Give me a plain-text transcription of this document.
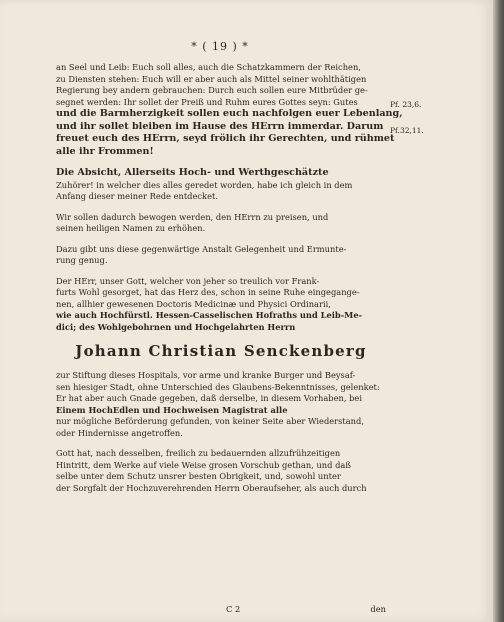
* ( 19 ) *
Pf. 23,6.
Pf.32,11.
an Seel und Leib: Euch soll alles, auch die Schatzkammern der Reichen,
zu Diensten stehen: Euch will er aber auch als Mittel seiner wohlthätigen
Regierung bey andern gebrauchen: Durch euch sollen eure Mitbrüder ge-
segnet werden: Ihr sollet der Preiß und Ruhm eures Gottes seyn: Gutes
und die Barmherzigkeit sollen euch nachfolgen euer Lebenlang,
und ihr sollet bleiben im Hause des HErrn immerdar. Darum
freuet euch des HErrn, seyd frölich ihr Gerechten, und rühmet
alle ihr Frommen!
Die Absicht, Allerseits Hoch- und Werthgeschätzte
Zuhörer! in welcher dies alles geredet worden, habe ich gleich in dem
Anfang dieser meiner Rede entdecket.
Wir sollen dadurch bewogen werden, den HErrn zu preisen, und
seinen heiligen Namen zu erhöhen.
Dazu gibt uns diese gegenwärtige Anstalt Gelegenheit und Ermunte-
rung genug.
Der HErr, unser Gott, welcher von jeher so treulich vor Frank-
furts Wohl gesorget, hat das Herz des, schon in seine Ruhe eingegange-
nen, allhier gewesenen Doctoris Medicinæ und Physici Ordinarii,
wie auch Hochfürstl. Hessen-Casselischen Hofraths und Leib-Me-
dici; des Wohlgebohrnen und Hochgelahrten Herrn
Johann Christian Senckenberg
zur Stiftung dieses Hospitals, vor arme und kranke Burger und Beysaf-
sen hiesiger Stadt, ohne Unterschied des Glaubens-Bekenntnisses, gelenket:
Er hat aber auch Gnade gegeben, daß derselbe, in diesem Vorhaben, bei
Einem HochEdlen und Hochweisen Magistrat alle
nur mögliche Beförderung gefunden, von keiner Seite aber Wiederstand,
oder Hindernisse angetroffen.
Gott hat, nach desselben, freilich zu bedauernden allzufrühzeitigen
Hintritt, dem Werke auf viele Weise grosen Vorschub gethan, und daß
selbe unter dem Schutz unsrer besten Obrigkeit, und, sowohl unter
der Sorgfalt der Hochzuverehrenden Herrn Oberaufseher, als auch durch
C 2	den
